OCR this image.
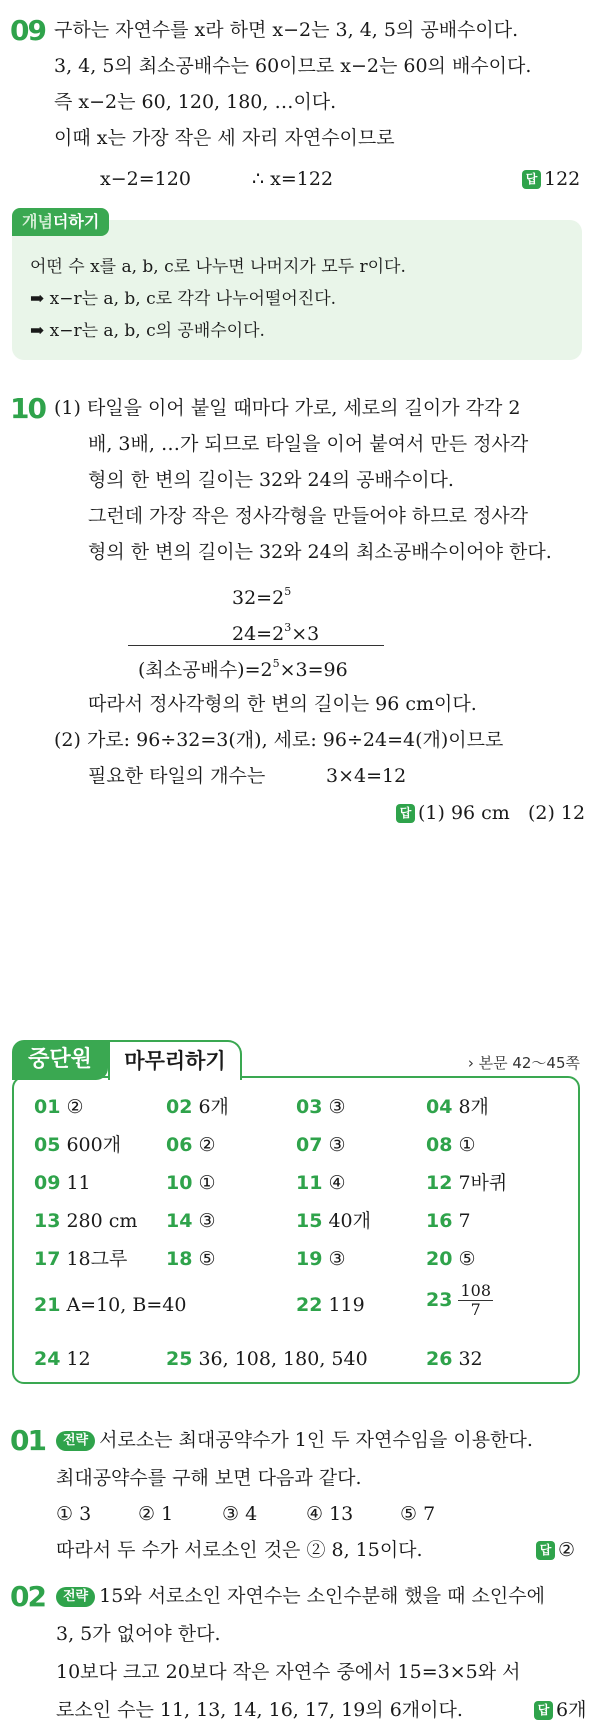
09 구하는 자연수를 x라 하면 x−2는 3, 4, 5의 공배수이다.
3, 4, 5의 최소공배수는 60이므로 x−2는 60의 배수이다.
즉 x−2는 60, 120, 180, …이다.
이때 x는 가장 작은 세 자리 자연수이므로
x−2=120	∴ x=122	답 122
개념더하기
어떤 수 x를 a, b, c로 나누면 나머지가 모두 r이다.
➡ x−r는 a, b, c로 각각 나누어떨어진다.
➡ x−r는 a, b, c의 공배수이다.
10 (1) 타일을 이어 붙일 때마다 가로, 세로의 길이가 각각 2
배, 3배, …가 되므로 타일을 이어 붙여서 만든 정사각
형의 한 변의 길이는 32와 24의 공배수이다.
그런데 가장 작은 정사각형을 만들어야 하므로 정사각
형의 한 변의 길이는 32와 24의 최소공배수이어야 한다.
$32=2^5$
$24=2^3\times 3$
(최소공배수)$=2^5\times 3=96$
따라서 정사각형의 한 변의 길이는 96 cm이다.
(2) 가로: 96÷32=3(개), 세로: 96÷24=4(개)이므로
필요한 타일의 개수는	3×4=12
답 (1) 96 cm   (2) 12
중단원	마무리하기	› 본문 42～45쪽
01 ②	02 6개	03 ③	04 8개
05 600개 06 ②	07 ③	08 ①
09 11	10 ①	11 ④	12 7바퀴
13 280 cm 14 ③	15 40개	16 7
17 18그루 18 ⑤	19 ③	20 ⑤
21 A=10, B=40	22 119	$23 \frac{108}{7}$
24 12	25 36, 108, 180, 540	26 32
01	전략 서로소는 최대공약수가 1인 두 자연수임을 이용한다.
최대공약수를 구해 보면 다음과 같다.
① 3 ② 1	③ 4	④ 13 ⑤ 7
따라서 두 수가 서로소인 것은 ② 8, 15이다.	답 ②
02	전략 15와 서로소인 자연수는 소인수분해 했을 때 소인수에
3, 5가 없어야 한다.
10보다 크고 20보다 작은 자연수 중에서 15=3×5와 서
로소인 수는 11, 13, 14, 16, 17, 19의 6개이다.	답 6개
